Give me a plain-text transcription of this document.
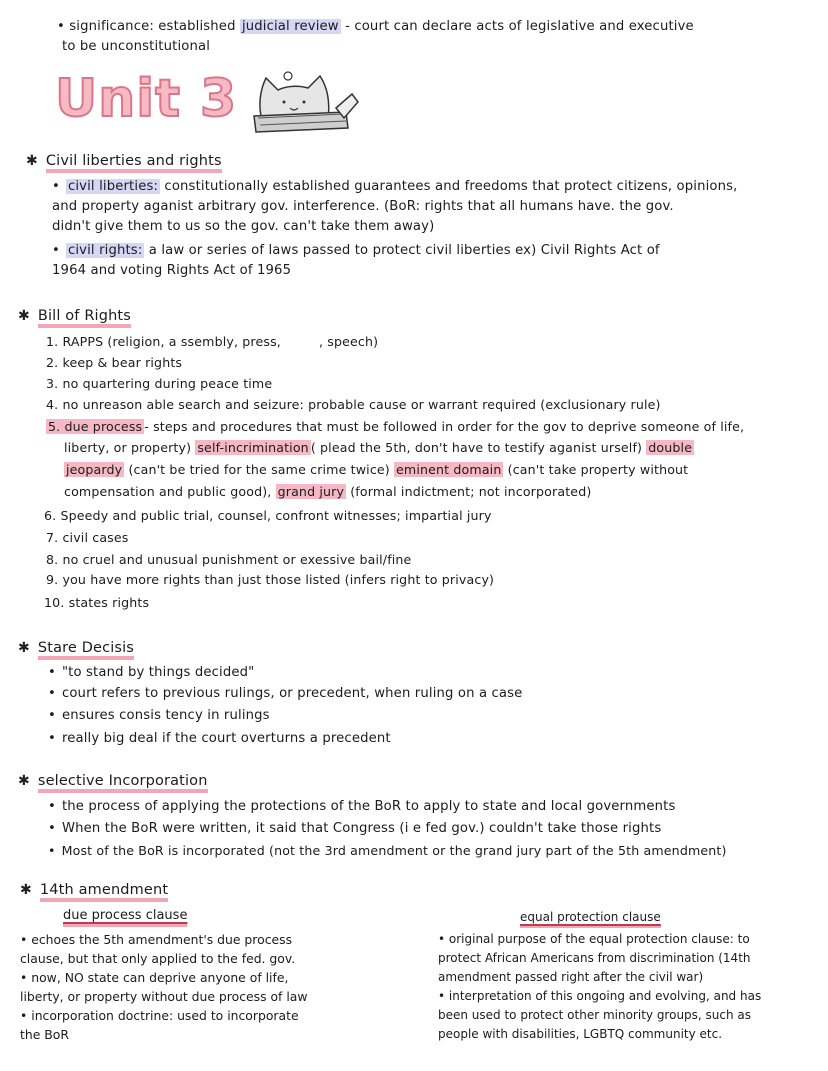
• significance: established judicial review - court can declare acts of legislative and executive
to be unconstitutional
Unit 3
✱ Civil liberties and rights
• civil liberties: constitutionally established guarantees and freedoms that protect citizens, opinions,
and property aganist arbitrary gov. interference. (BoR: rights that all humans have. the gov.
didn't give them to us so the gov. can't take them away)
• civil rights: a law or series of laws passed to protect civil liberties ex) Civil Rights Act of
1964 and voting Rights Act of 1965
✱ Bill of Rights
1. RAPPS (religion, a ssembly, press,	, speech)
2. keep & bear rights
3. no quartering during peace time
4. no unreason able search and seizure: probable cause or warrant required (exclusionary rule)
5. due process - steps and procedures that must be followed in order for the gov to deprive someone of life,
liberty, or property) self-incrimination ( plead the 5th, don't have to testify aganist urself) double
jeopardy (can't be tried for the same crime twice) eminent domain (can't take property without
compensation and public good), grand jury (formal indictment; not incorporated)
6. Speedy and public trial, counsel, confront witnesses; impartial jury
7. civil cases
8. no cruel and unusual punishment or exessive bail/fine
9. you have more rights than just those listed (infers right to privacy)
10. states rights
✱ Stare Decisis
• "to stand by things decided"
• court refers to previous rulings, or precedent, when ruling on a case
• ensures consis tency in rulings
• really big deal if the court overturns a precedent
✱ selective Incorporation
• the process of applying the protections of the BoR to apply to state and local governments
• When the BoR were written, it said that Congress (i e fed gov.) couldn't take those rights
• Most of the BoR is incorporated (not the 3rd amendment or the grand jury part of the 5th amendment)
✱ 14th amendment
due process clause
• echoes the 5th amendment's due process
clause, but that only applied to the fed. gov.
• now, NO state can deprive anyone of life,
liberty, or property without due process of law
• incorporation doctrine: used to incorporate
the BoR
equal protection clause
• original purpose of the equal protection clause: to
protect African Americans from discrimination (14th
amendment passed right after the civil war)
• interpretation of this ongoing and evolving, and has
been used to protect other minority groups, such as
people with disabilities, LGBTQ community etc.
